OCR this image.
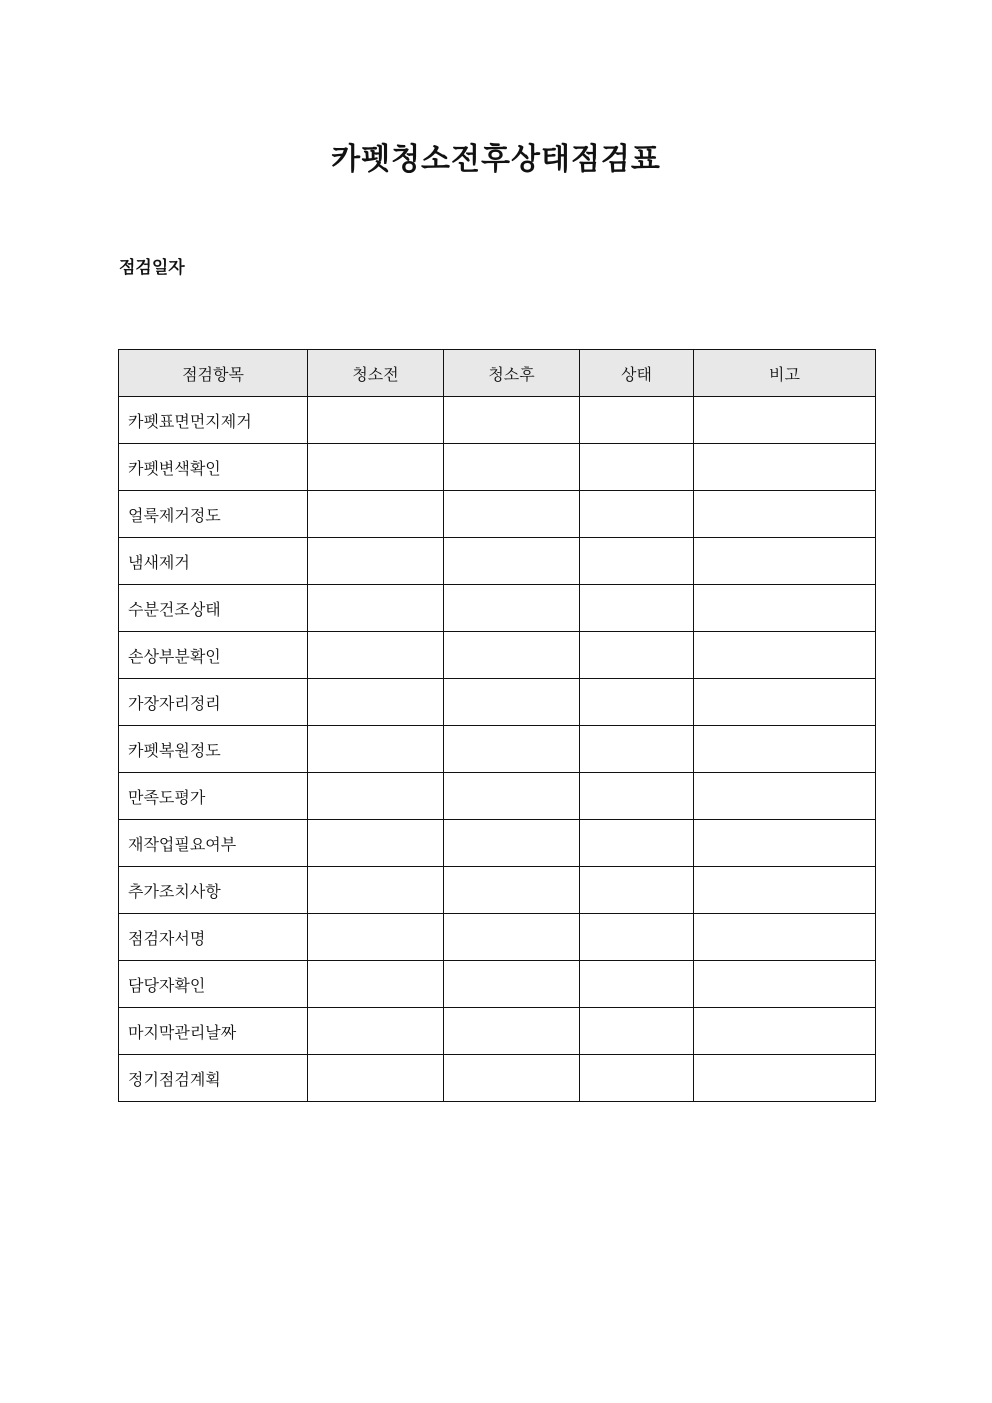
카펫청소전후상태점검표
점검일자
점검항목	청소전	청소후	상태	비고
카펫표면먼지제거				
카펫변색확인				
얼룩제거정도				
냄새제거				
수분건조상태				
손상부분확인				
가장자리정리				
카펫복원정도				
만족도평가				
재작업필요여부				
추가조치사항				
점검자서명				
담당자확인				
마지막관리날짜				
정기점검계획				
